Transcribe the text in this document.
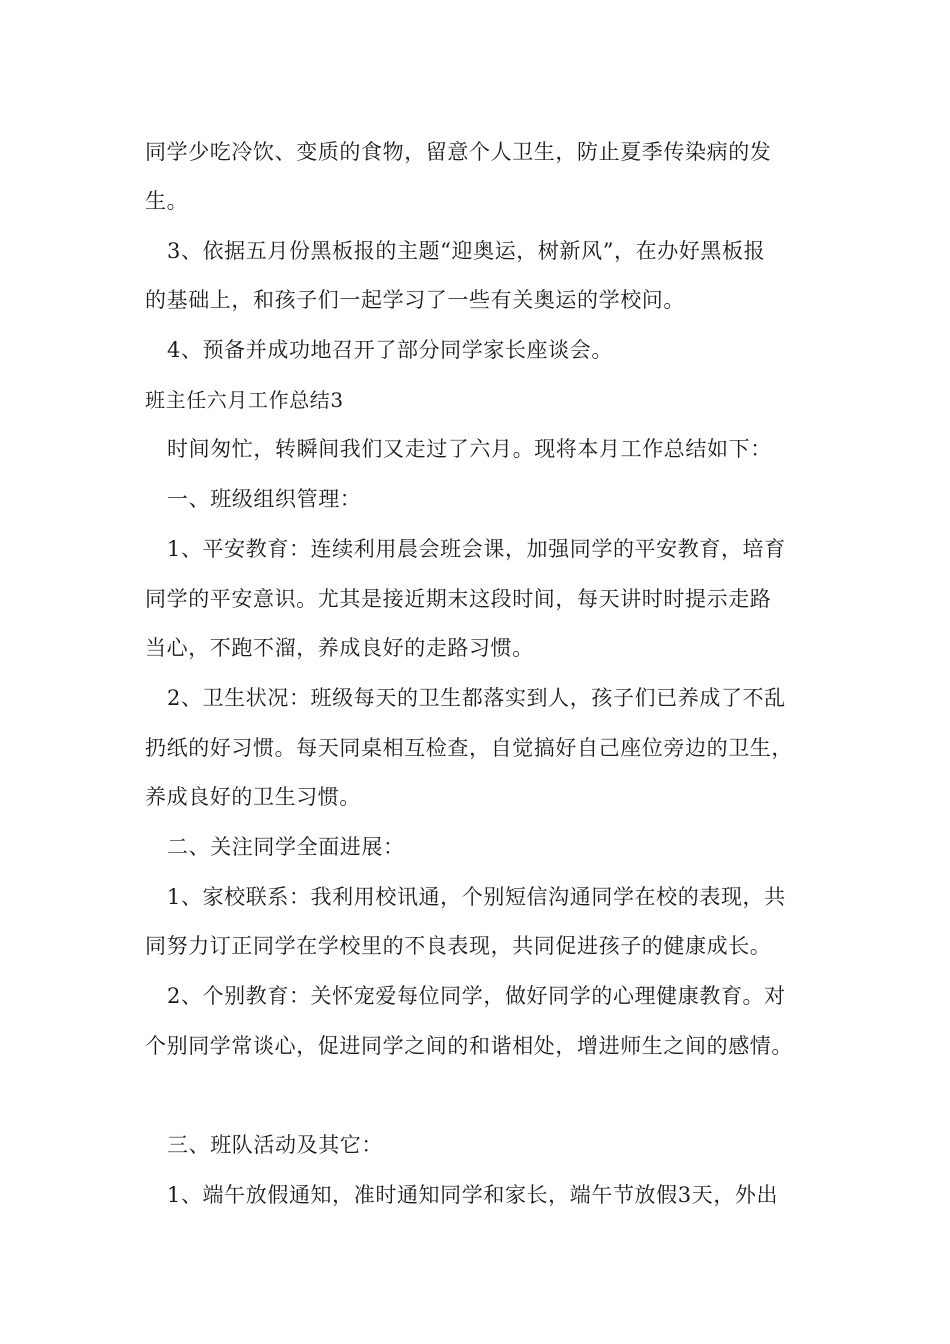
同学少吃冷饮、变质的食物，留意个人卫生，防止夏季传染病的发
生。
3、依据五月份黑板报的主题“迎奥运，树新风”，在办好黑板报
的基础上，和孩子们一起学习了一些有关奥运的学校问。
4、预备并成功地召开了部分同学家长座谈会。
班主任六月工作总结3
时间匆忙，转瞬间我们又走过了六月。现将本月工作总结如下：
一、班级组织管理：
1、平安教育：连续利用晨会班会课，加强同学的平安教育，培育
同学的平安意识。尤其是接近期末这段时间，每天讲时时提示走路
当心，不跑不溜，养成良好的走路习惯。
2、卫生状况：班级每天的卫生都落实到人，孩子们已养成了不乱
扔纸的好习惯。每天同桌相互检查，自觉搞好自己座位旁边的卫生，
养成良好的卫生习惯。
二、关注同学全面进展：
1、家校联系：我利用校讯通，个别短信沟通同学在校的表现，共
同努力订正同学在学校里的不良表现，共同促进孩子的健康成长。
2、个别教育：关怀宠爱每位同学，做好同学的心理健康教育。对
个别同学常谈心，促进同学之间的和谐相处，增进师生之间的感情。
三、班队活动及其它：
1、端午放假通知，准时通知同学和家长，端午节放假3天，外出
